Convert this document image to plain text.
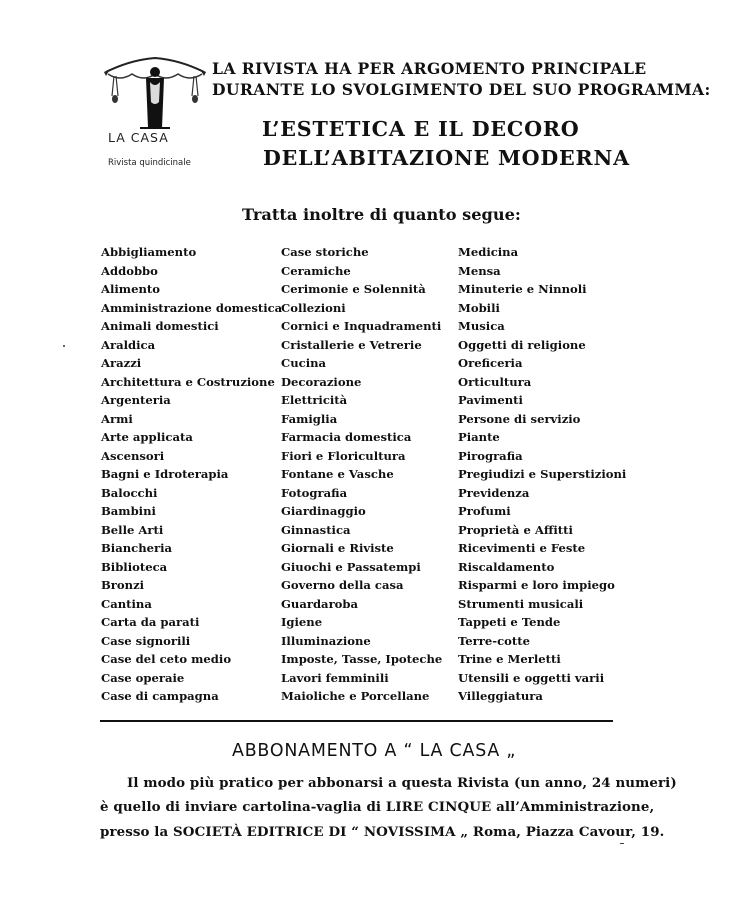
LA CASA
Rivista quindicinale
LA RIVISTA HA PER ARGOMENTO PRINCIPALE
DURANTE LO SVOLGIMENTO DEL SUO PROGRAMMA:
L’ESTETICA E IL DECORO
DELL’ABITAZIONE MODERNA
Tratta inoltre di quanto segue:
Abbigliamento
Addobbo
Alimento
Amministrazione domestica
Animali domestici
Araldica
Arazzi
Architettura e Costruzione
Argenteria
Armi
Arte applicata
Ascensori
Bagni e Idroterapia
Balocchi
Bambini
Belle Arti
Biancheria
Biblioteca
Bronzi
Cantina
Carta da parati
Case signorili
Case del ceto medio
Case operaie
Case di campagna
Case storiche
Ceramiche
Cerimonie e Solennità
Collezioni
Cornici e Inquadramenti
Cristallerie e Vetrerie
Cucina
Decorazione
Elettricità
Famiglia
Farmacia domestica
Fiori e Floricultura
Fontane e Vasche
Fotografia
Giardinaggio
Ginnastica
Giornali e Riviste
Giuochi e Passatempi
Governo della casa
Guardaroba
Igiene
Illuminazione
Imposte, Tasse, Ipoteche
Lavori femminili
Maioliche e Porcellane
Medicina
Mensa
Minuterie e Ninnoli
Mobili
Musica
Oggetti di religione
Oreficeria
Orticultura
Pavimenti
Persone di servizio
Piante
Pirografia
Pregiudizi e Superstizioni
Previdenza
Profumi
Proprietà e Affitti
Ricevimenti e Feste
Riscaldamento
Risparmi e loro impiego
Strumenti musicali
Tappeti e Tende
Terre-cotte
Trine e Merletti
Utensili e oggetti varii
Villeggiatura
ABBONAMENTO A “ LA CASA „
Il modo più pratico per abbonarsi a questa Rivista (un anno, 24 numeri)
è quello di inviare cartolina-vaglia di LIRE CINQUE all’Amministrazione,
presso la SOCIETÀ EDITRICE DI “ NOVISSIMA „ Roma, Piazza Cavour, 19.
